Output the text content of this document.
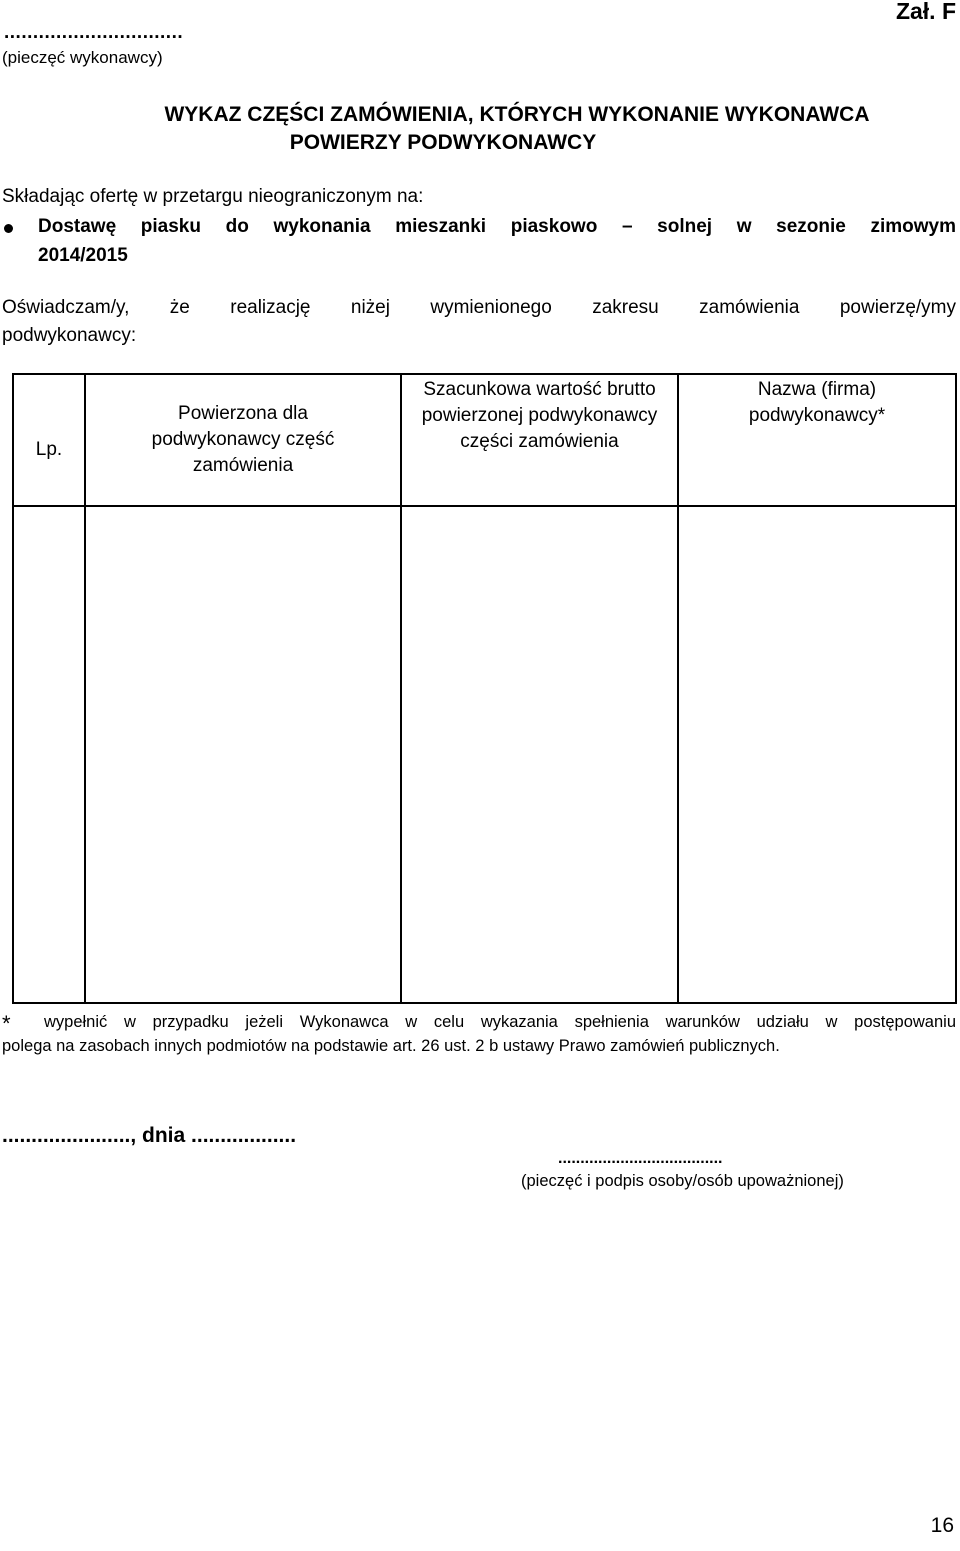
...............................
(pieczęć wykonawcy)
Zał. F
WYKAZ CZĘŚCI ZAMÓWIENIA, KTÓRYCH WYKONANIE WYKONAWCA
POWIERZY PODWYKONAWCY
Składając ofertę w przetargu nieograniczonym na:
Dostawę piasku do wykonania mieszanki piaskowo – solnej w sezonie zimowym
2014/2015
Oświadczam/y, że realizację niżej wymienionego zakresu zamówienia powierzę/ymy
podwykonawcy:
Lp.	Powierzona dla podwykonawcy część zamówienia	Szacunkowa wartość brutto powierzonej podwykonawcy części zamówienia	Nazwa (firma) podwykonawcy*

* wypełnić w przypadku jeżeli Wykonawca w celu wykazania spełnienia warunków udziału w postępowaniu
polega na zasobach innych podmiotów na podstawie art. 26 ust. 2 b ustawy Prawo zamówień publicznych.
......................, dnia ..................
.....................................
(pieczęć i podpis osoby/osób upoważnionej)
16
